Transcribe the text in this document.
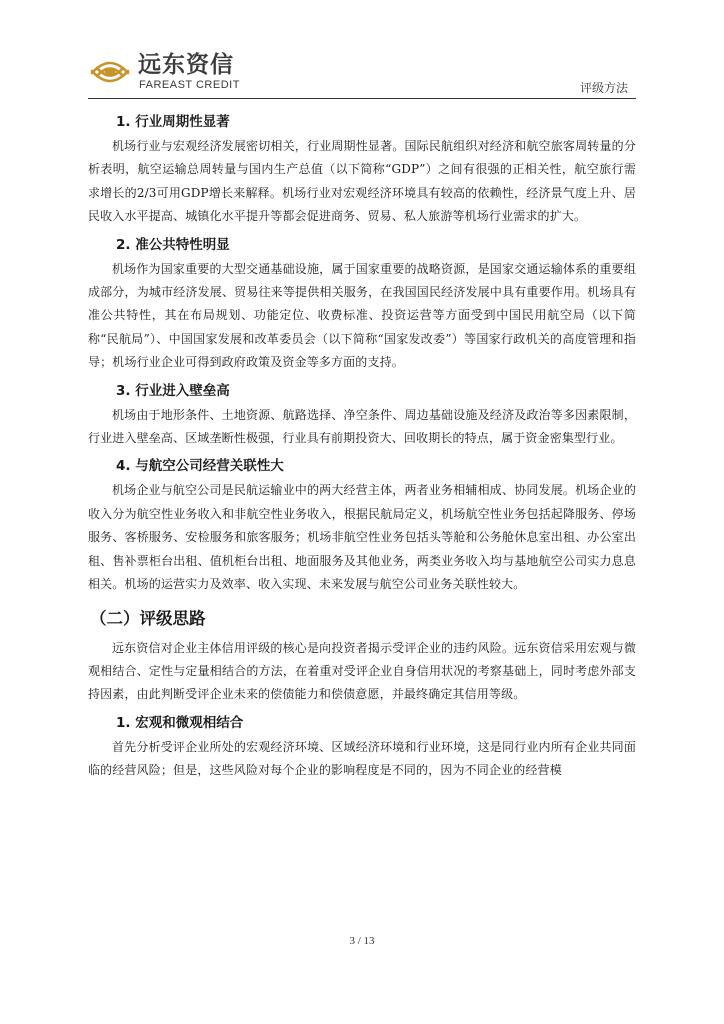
远东资信
FAREAST CREDIT	评级方法
1. 行业周期性显著

机场行业与宏观经济发展密切相关，行业周期性显著。国际民航组织对经济和航空旅客周转量的分析表明，航空运输总周转量与国内生产总值（以下简称“GDP”）之间有很强的正相关性，航空旅行需求增长的2/3可用GDP增长来解释。机场行业对宏观经济环境具有较高的依赖性，经济景气度上升、居民收入水平提高、城镇化水平提升等都会促进商务、贸易、私人旅游等机场行业需求的扩大。

2. 准公共特性明显

机场作为国家重要的大型交通基础设施，属于国家重要的战略资源，是国家交通运输体系的重要组成部分，为城市经济发展、贸易往来等提供相关服务，在我国国民经济发展中具有重要作用。机场具有准公共特性，其在布局规划、功能定位、收费标准、投资运营等方面受到中国民用航空局（以下简称“民航局”）、中国国家发展和改革委员会（以下简称“国家发改委”）等国家行政机关的高度管理和指导；机场行业企业可得到政府政策及资金等多方面的支持。

3. 行业进入壁垒高

机场由于地形条件、土地资源、航路选择、净空条件、周边基础设施及经济及政治等多因素限制，行业进入壁垒高、区域垄断性极强，行业具有前期投资大、回收期长的特点，属于资金密集型行业。

4. 与航空公司经营关联性大

机场企业与航空公司是民航运输业中的两大经营主体，两者业务相辅相成、协同发展。机场企业的收入分为航空性业务收入和非航空性业务收入，根据民航局定义，机场航空性业务包括起降服务、停场服务、客桥服务、安检服务和旅客服务；机场非航空性业务包括头等舱和公务舱休息室出租、办公室出租、售补票柜台出租、值机柜台出租、地面服务及其他业务，两类业务收入均与基地航空公司实力息息相关。机场的运营实力及效率、收入实现、未来发展与航空公司业务关联性较大。

（二）评级思路

远东资信对企业主体信用评级的核心是向投资者揭示受评企业的违约风险。远东资信采用宏观与微观相结合、定性与定量相结合的方法，在着重对受评企业自身信用状况的考察基础上，同时考虑外部支持因素，由此判断受评企业未来的偿债能力和偿债意愿，并最终确定其信用等级。

1. 宏观和微观相结合

首先分析受评企业所处的宏观经济环境、区域经济环境和行业环境，这是同行业内所有企业共同面临的经营风险；但是，这些风险对每个企业的影响程度是不同的，因为不同企业的经营模

3 / 13
